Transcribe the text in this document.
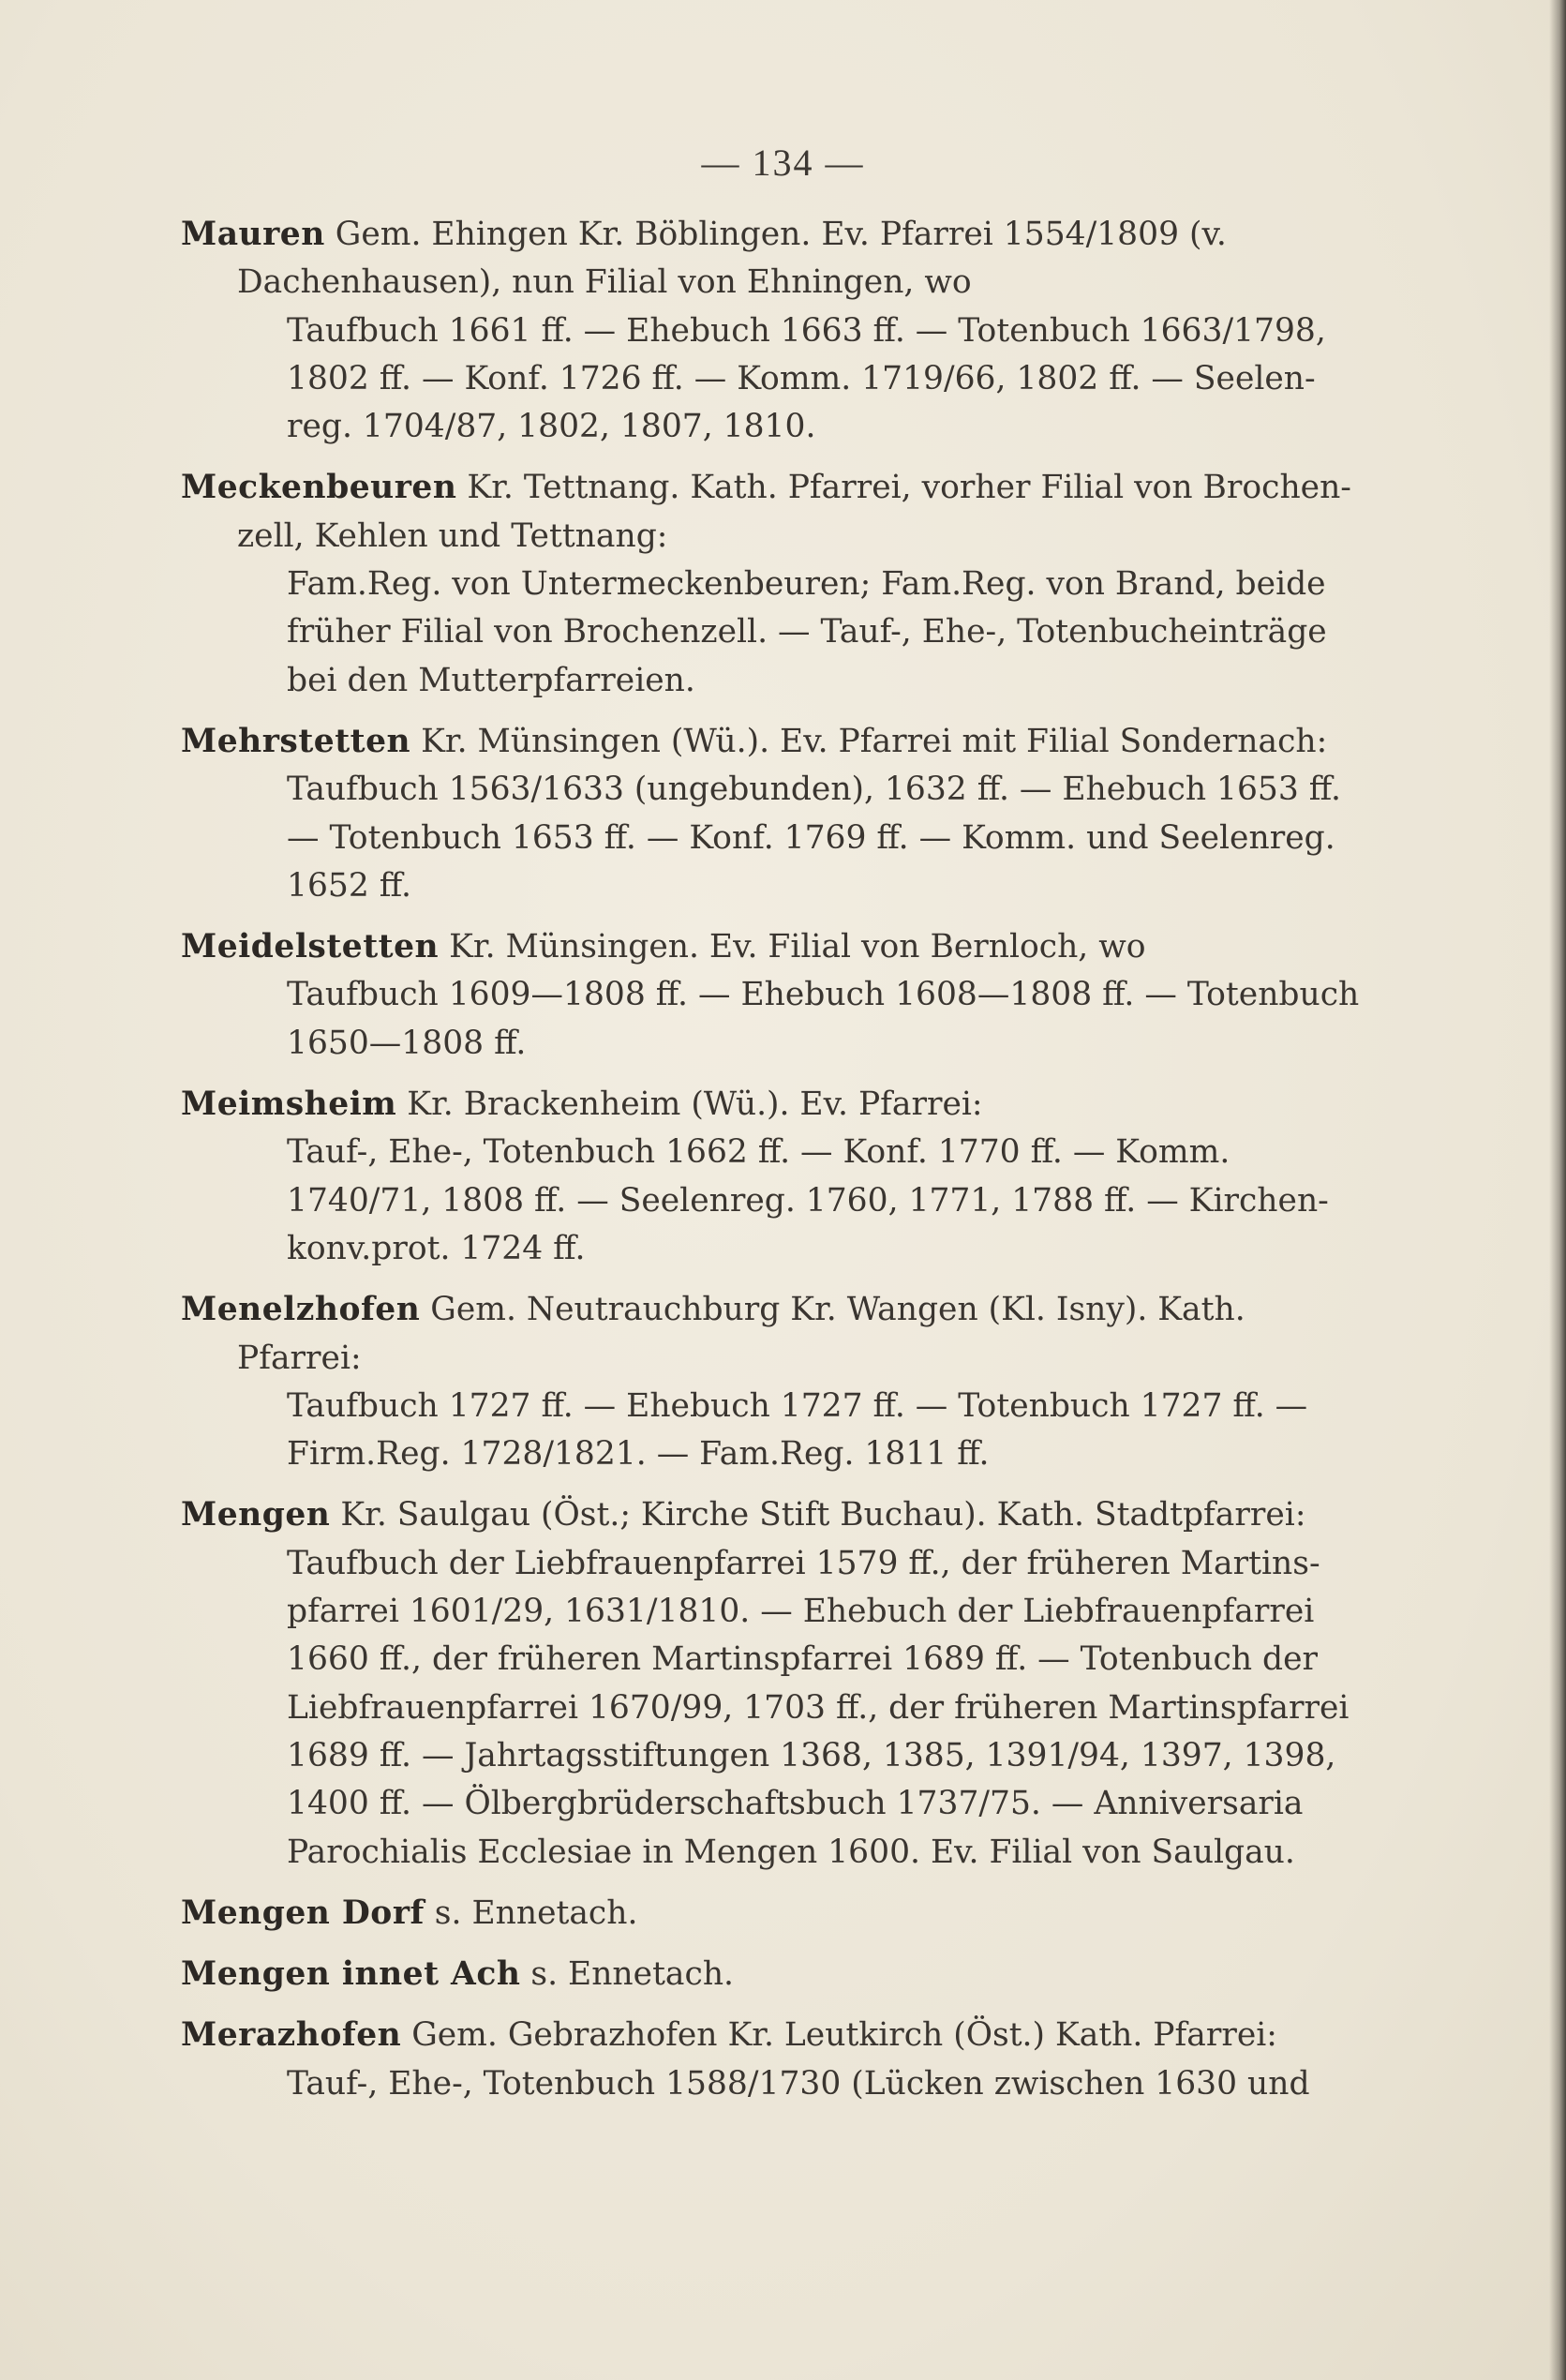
— 134 —
Mauren Gem. Ehingen Kr. Böblingen. Ev. Pfarrei 1554/1809 (v.
Dachenhausen), nun Filial von Ehningen, wo
Taufbuch 1661 ff. — Ehebuch 1663 ff. — Totenbuch 1663/1798,
1802 ff. — Konf. 1726 ff. — Komm. 1719/66, 1802 ff. — Seelen-
reg. 1704/87, 1802, 1807, 1810.
Meckenbeuren Kr. Tettnang. Kath. Pfarrei, vorher Filial von Brochen-
zell, Kehlen und Tettnang:
Fam.Reg. von Untermeckenbeuren; Fam.Reg. von Brand, beide
früher Filial von Brochenzell. — Tauf-, Ehe-, Totenbucheinträge
bei den Mutterpfarreien.
Mehrstetten Kr. Münsingen (Wü.). Ev. Pfarrei mit Filial Sondernach:
Taufbuch 1563/1633 (ungebunden), 1632 ff. — Ehebuch 1653 ff.
— Totenbuch 1653 ff. — Konf. 1769 ff. — Komm. und Seelenreg.
1652 ff.
Meidelstetten Kr. Münsingen. Ev. Filial von Bernloch, wo
Taufbuch 1609—1808 ff. — Ehebuch 1608—1808 ff. — Totenbuch
1650—1808 ff.
Meimsheim Kr. Brackenheim (Wü.). Ev. Pfarrei:
Tauf-, Ehe-, Totenbuch 1662 ff. — Konf. 1770 ff. — Komm.
1740/71, 1808 ff. — Seelenreg. 1760, 1771, 1788 ff. — Kirchen-
konv.prot. 1724 ff.
Menelzhofen Gem. Neutrauchburg Kr. Wangen (Kl. Isny). Kath.
Pfarrei:
Taufbuch 1727 ff. — Ehebuch 1727 ff. — Totenbuch 1727 ff. —
Firm.Reg. 1728/1821. — Fam.Reg. 1811 ff.
Mengen Kr. Saulgau (Öst.; Kirche Stift Buchau). Kath. Stadtpfarrei:
Taufbuch der Liebfrauenpfarrei 1579 ff., der früheren Martins-
pfarrei 1601/29, 1631/1810. — Ehebuch der Liebfrauenpfarrei
1660 ff., der früheren Martinspfarrei 1689 ff. — Totenbuch der
Liebfrauenpfarrei 1670/99, 1703 ff., der früheren Martinspfarrei
1689 ff. — Jahrtagsstiftungen 1368, 1385, 1391/94, 1397, 1398,
1400 ff. — Ölbergbrüderschaftsbuch 1737/75. — Anniversaria
Parochialis Ecclesiae in Mengen 1600. Ev. Filial von Saulgau.
Mengen Dorf s. Ennetach.
Mengen innet Ach s. Ennetach.
Merazhofen Gem. Gebrazhofen Kr. Leutkirch (Öst.) Kath. Pfarrei:
Tauf-, Ehe-, Totenbuch 1588/1730 (Lücken zwischen 1630 und
